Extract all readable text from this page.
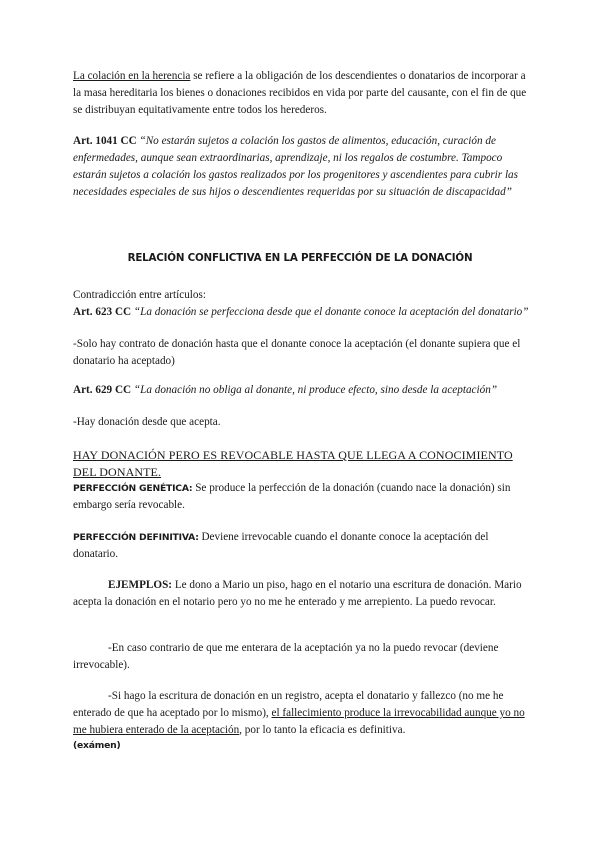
La colación en la herencia se refiere a la obligación de los descendientes o donatarios de incorporar a la masa hereditaria los bienes o donaciones recibidos en vida por parte del causante, con el fin de que se distribuyan equitativamente entre todos los herederos.

Art. 1041 CC “No estarán sujetos a colación los gastos de alimentos, educación, curación de enfermedades, aunque sean extraordinarias, aprendizaje, ni los regalos de costumbre. Tampoco estarán sujetos a colación los gastos realizados por los progenitores y ascendientes para cubrir las necesidades especiales de sus hijos o descendientes requeridas por su situación de discapacidad”

RELACIÓN CONFLICTIVA EN LA PERFECCIÓN DE LA DONACIÓN

Contradicción entre artículos:

Art. 623 CC “La donación se perfecciona desde que el donante conoce la aceptación del donatario”

-Solo hay contrato de donación hasta que el donante conoce la aceptación (el donante supiera que el donatario ha aceptado)

Art. 629 CC “La donación no obliga al donante, ni produce efecto, sino desde la aceptación”

-Hay donación desde que acepta.

HAY DONACIÓN PERO ES REVOCABLE HASTA QUE LLEGA A CONOCIMIENTO DEL DONANTE.

PERFECCIÓN GENÉTICA: Se produce la perfección de la donación (cuando nace la donación) sin embargo sería revocable.

PERFECCIÓN DEFINITIVA: Deviene irrevocable cuando el donante conoce la aceptación del donatario.

EJEMPLOS: Le dono a Mario un piso, hago en el notario una escritura de donación. Mario acepta la donación en el notario pero yo no me he enterado y me arrepiento. La puedo revocar.

-En caso contrario de que me enterara de la aceptación ya no la puedo revocar (deviene irrevocable).

-Si hago la escritura de donación en un registro, acepta el donatario y fallezco (no me he enterado de que ha aceptado por lo mismo), el fallecimiento produce la irrevocabilidad aunque yo no me hubiera enterado de la aceptación, por lo tanto la eficacia es definitiva.

(exámen)
